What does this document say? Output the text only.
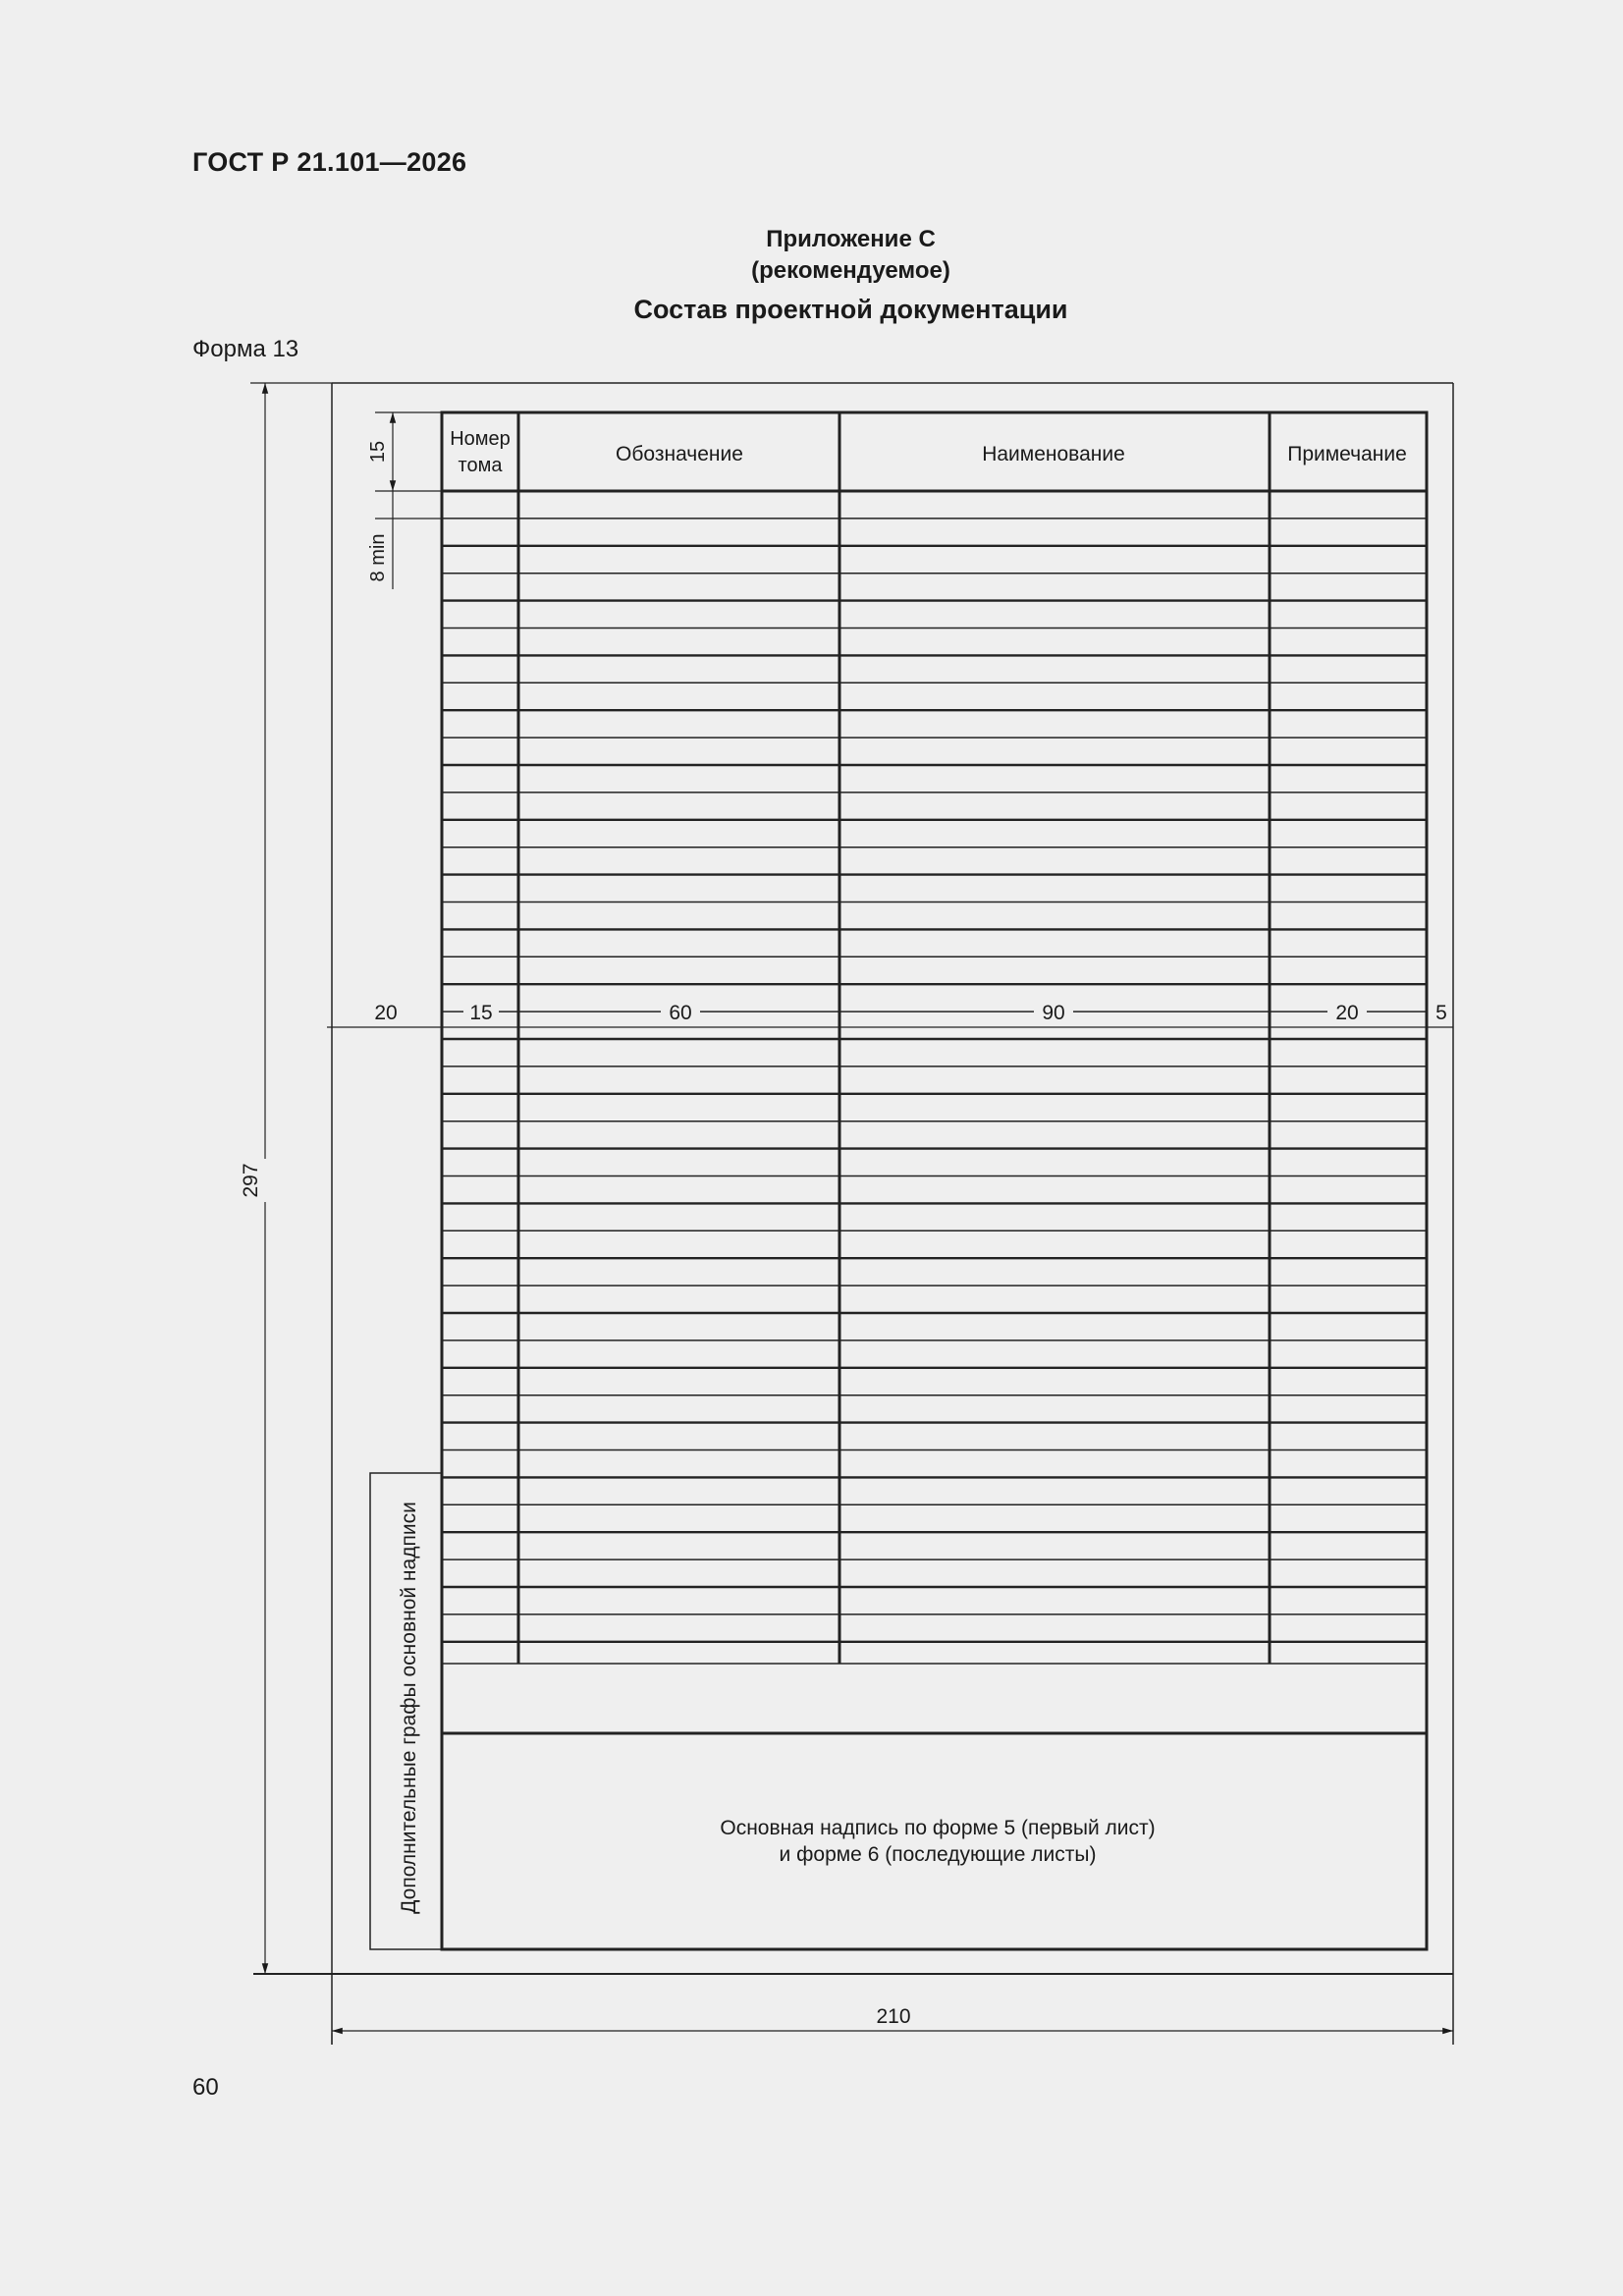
ГОСТ Р 21.101—2026
Приложение С
(рекомендуемое)
Состав проектной документации
Форма 13
Номер
тома	Обозначение	Наименование	Примечание
Основная надпись по форме 5 (первый лист)
и форме 6 (последующие листы)
Дополнительные графы основной надписи
15
8 min
20	15	60	90	20	5
297
210
60
